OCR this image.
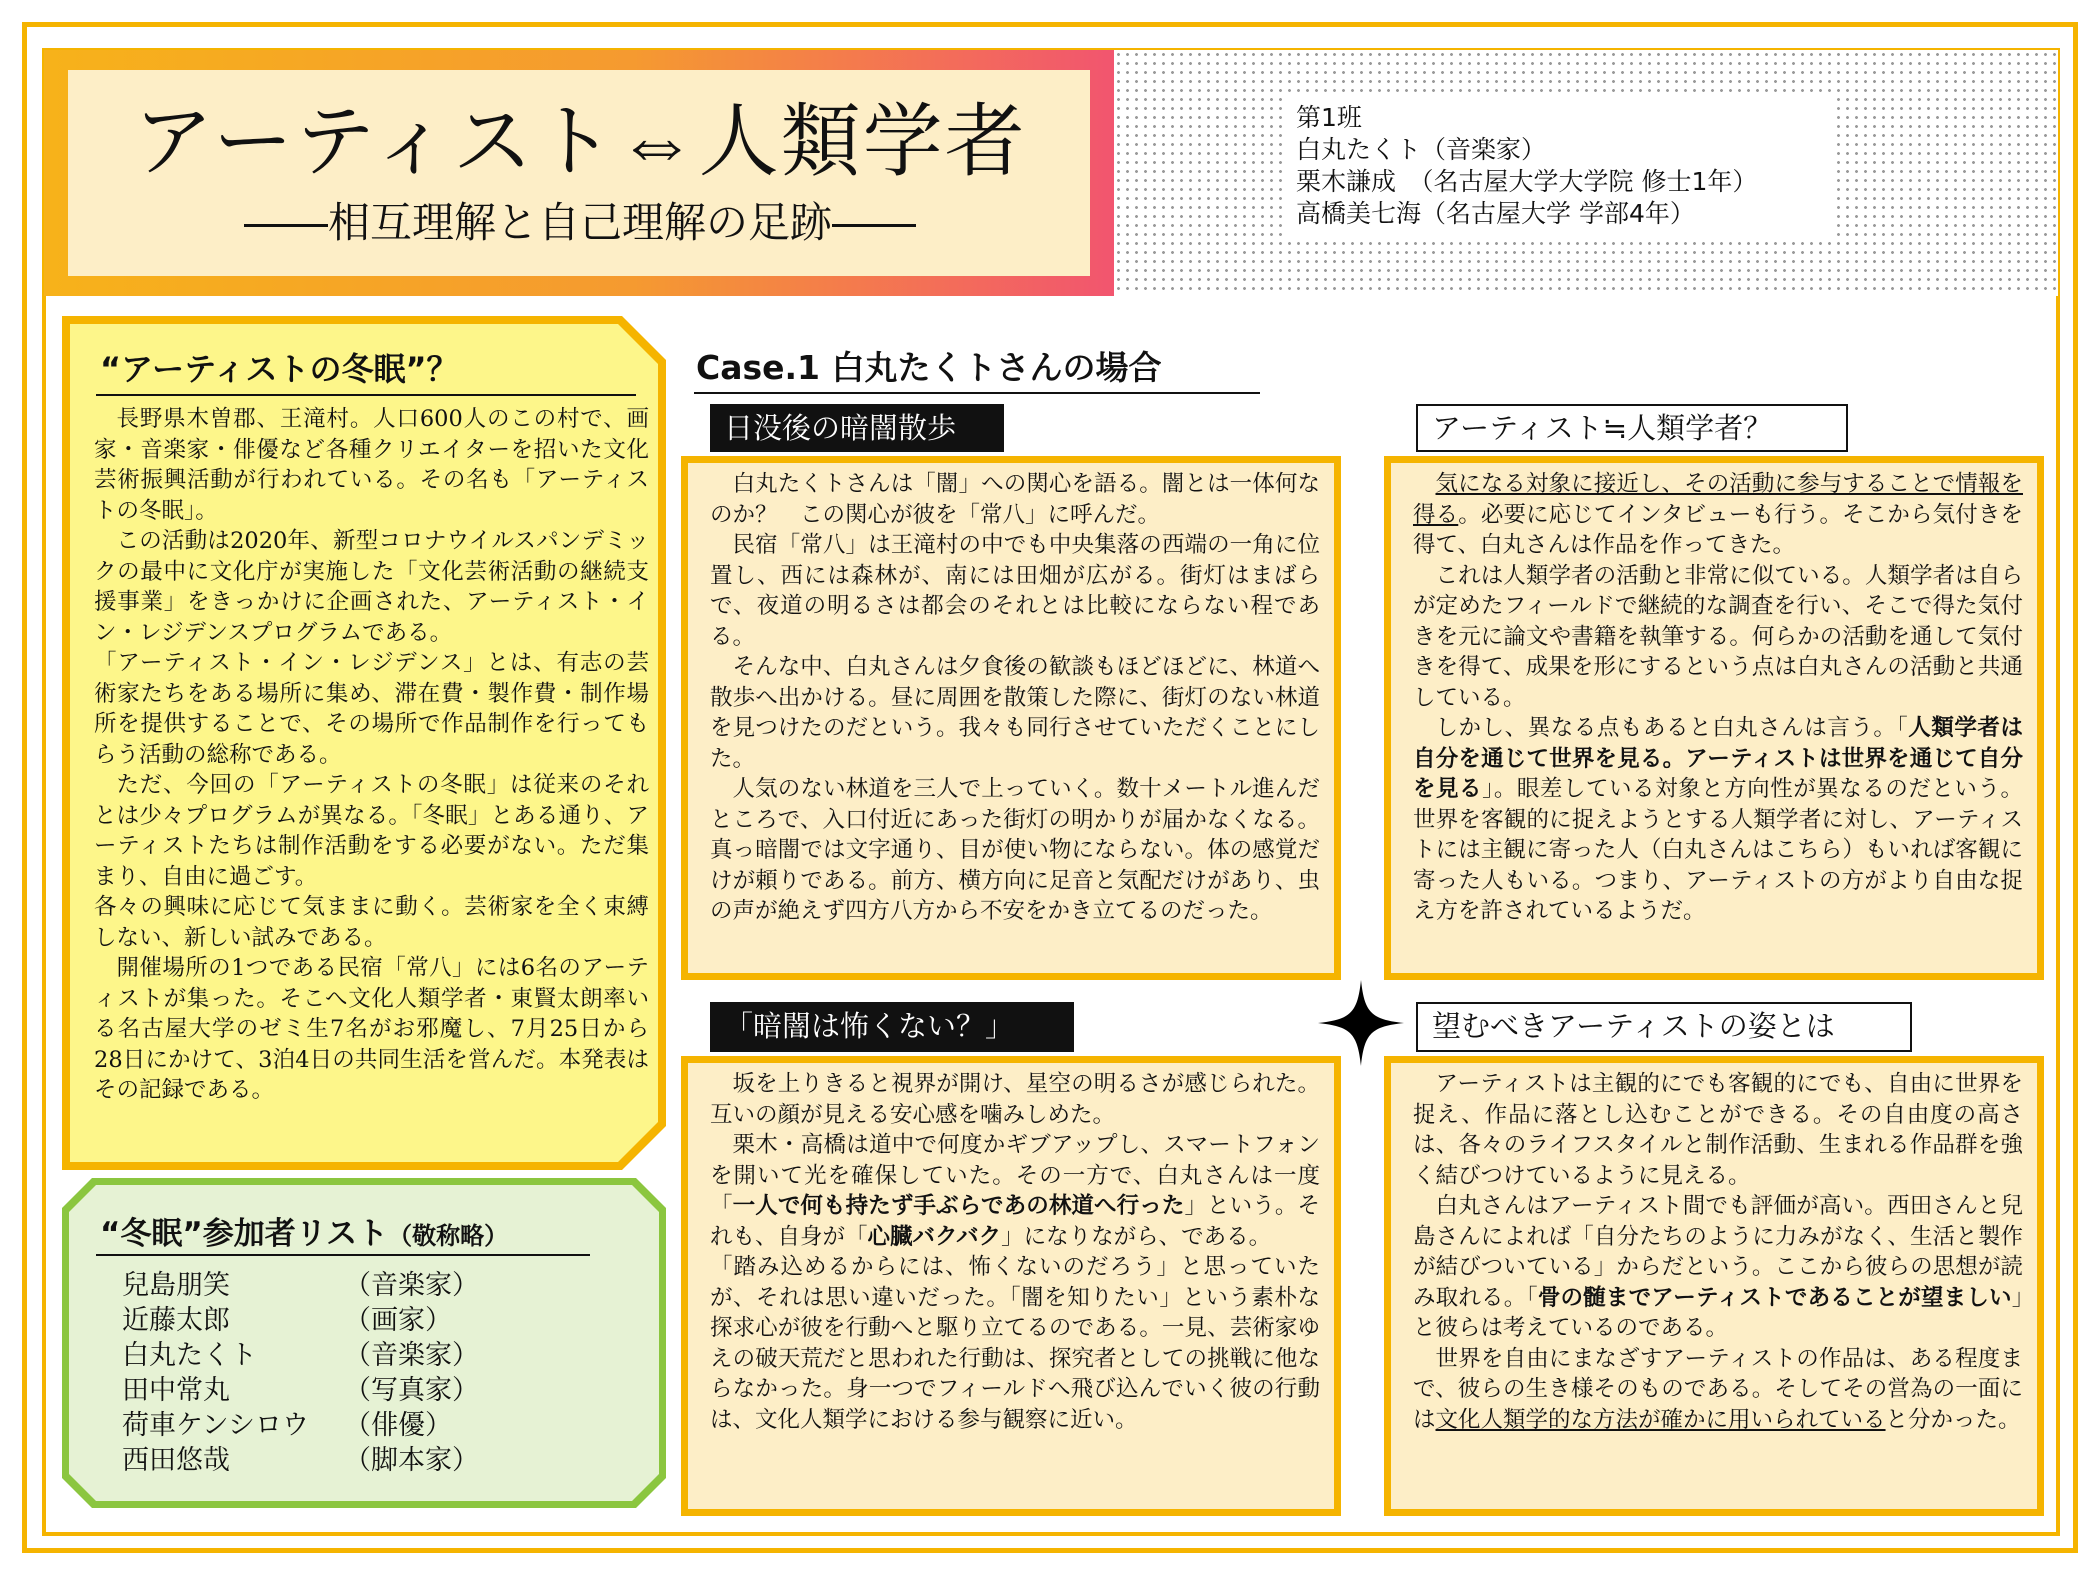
アーティスト⇔人類学者
――相互理解と自己理解の足跡――
第1班
白丸たくト（音楽家）
栗木謙成　（名古屋大学大学院 修士1年）
高橋美七海（名古屋大学 学部4年）
“アーティストの冬眠”？

長野県木曽郡、王滝村。人口600人のこの村で、画家・音楽家・俳優など各種クリエイターを招いた文化芸術振興活動が行われている。その名も「アーティストの冬眠」。

この活動は2020年、新型コロナウイルスパンデミックの最中に文化庁が実施した「文化芸術活動の継続支援事業」をきっかけに企画された、アーティスト・イン・レジデンスプログラムである。

「アーティスト・イン・レジデンス」とは、有志の芸術家たちをある場所に集め、滞在費・製作費・制作場所を提供することで、その場所で作品制作を行ってもらう活動の総称である。

ただ、今回の「アーティストの冬眠」は従来のそれとは少々プログラムが異なる。「冬眠」とある通り、アーティストたちは制作活動をする必要がない。ただ集まり、自由に過ごす。

各々の興味に応じて気ままに動く。芸術家を全く束縛しない、新しい試みである。

開催場所の1つである民宿「常八」には6名のアーティストが集った。そこへ文化人類学者・東賢太朗率いる名古屋大学のゼミ生7名がお邪魔し、7月25日から28日にかけて、3泊4日の共同生活を営んだ。本発表はその記録である。

“冬眠”参加者リスト（敬称略）
兒島朋笑	（音楽家）
近藤太郎	（画家）
白丸たくト	（音楽家）
田中常丸	（写真家）
荷車ケンシロウ	（俳優）
西田悠哉	（脚本家）
Case.1 白丸たくトさんの場合
日没後の暗闇散歩

白丸たくトさんは「闇」への関心を語る。闇とは一体何なのか？　この関心が彼を「常八」に呼んだ。

民宿「常八」は王滝村の中でも中央集落の西端の一角に位置し、西には森林が、南には田畑が広がる。街灯はまばらで、夜道の明るさは都会のそれとは比較にならない程である。

そんな中、白丸さんは夕食後の歓談もほどほどに、林道へ散歩へ出かける。昼に周囲を散策した際に、街灯のない林道を見つけたのだという。我々も同行させていただくことにした。

人気のない林道を三人で上っていく。数十メートル進んだところで、入口付近にあった街灯の明かりが届かなくなる。真っ暗闇では文字通り、目が使い物にならない。体の感覚だけが頼りである。前方、横方向に足音と気配だけがあり、虫の声が絶えず四方八方から不安をかき立てるのだった。

「暗闇は怖くない？」

坂を上りきると視界が開け、星空の明るさが感じられた。互いの顔が見える安心感を噛みしめた。

栗木・高橋は道中で何度かギブアップし、スマートフォンを開いて光を確保していた。その一方で、白丸さんは一度「一人で何も持たず手ぶらであの林道へ行った」という。それも、自身が「心臓バクバク」になりながら、である。

「踏み込めるからには、怖くないのだろう」と思っていたが、それは思い違いだった。「闇を知りたい」という素朴な探求心が彼を行動へと駆り立てるのである。一見、芸術家ゆえの破天荒だと思われた行動は、探究者としての挑戦に他ならなかった。身一つでフィールドへ飛び込んでいく彼の行動は、文化人類学における参与観察に近い。

アーティスト≒人類学者？

気になる対象に接近し、その活動に参与することで情報を得る。必要に応じてインタビューも行う。そこから気付きを得て、白丸さんは作品を作ってきた。

これは人類学者の活動と非常に似ている。人類学者は自らが定めたフィールドで継続的な調査を行い、そこで得た気付きを元に論文や書籍を執筆する。何らかの活動を通して気付きを得て、成果を形にするという点は白丸さんの活動と共通している。

しかし、異なる点もあると白丸さんは言う。「人類学者は自分を通じて世界を見る。アーティストは世界を通じて自分を見る」。眼差している対象と方向性が異なるのだという。世界を客観的に捉えようとする人類学者に対し、アーティストには主観に寄った人（白丸さんはこちら）もいれば客観に寄った人もいる。つまり、アーティストの方がより自由な捉え方を許されているようだ。

望むべきアーティストの姿とは

アーティストは主観的にでも客観的にでも、自由に世界を捉え、作品に落とし込むことができる。その自由度の高さは、各々のライフスタイルと制作活動、生まれる作品群を強く結びつけているように見える。

白丸さんはアーティスト間でも評価が高い。西田さんと兒島さんによれば「自分たちのように力みがなく、生活と製作が結びついている」からだという。ここから彼らの思想が読み取れる。「骨の髄までアーティストであることが望ましい」と彼らは考えているのである。

世界を自由にまなざすアーティストの作品は、ある程度まで、彼らの生き様そのものである。そしてその営為の一面には文化人類学的な方法が確かに用いられていると分かった。
